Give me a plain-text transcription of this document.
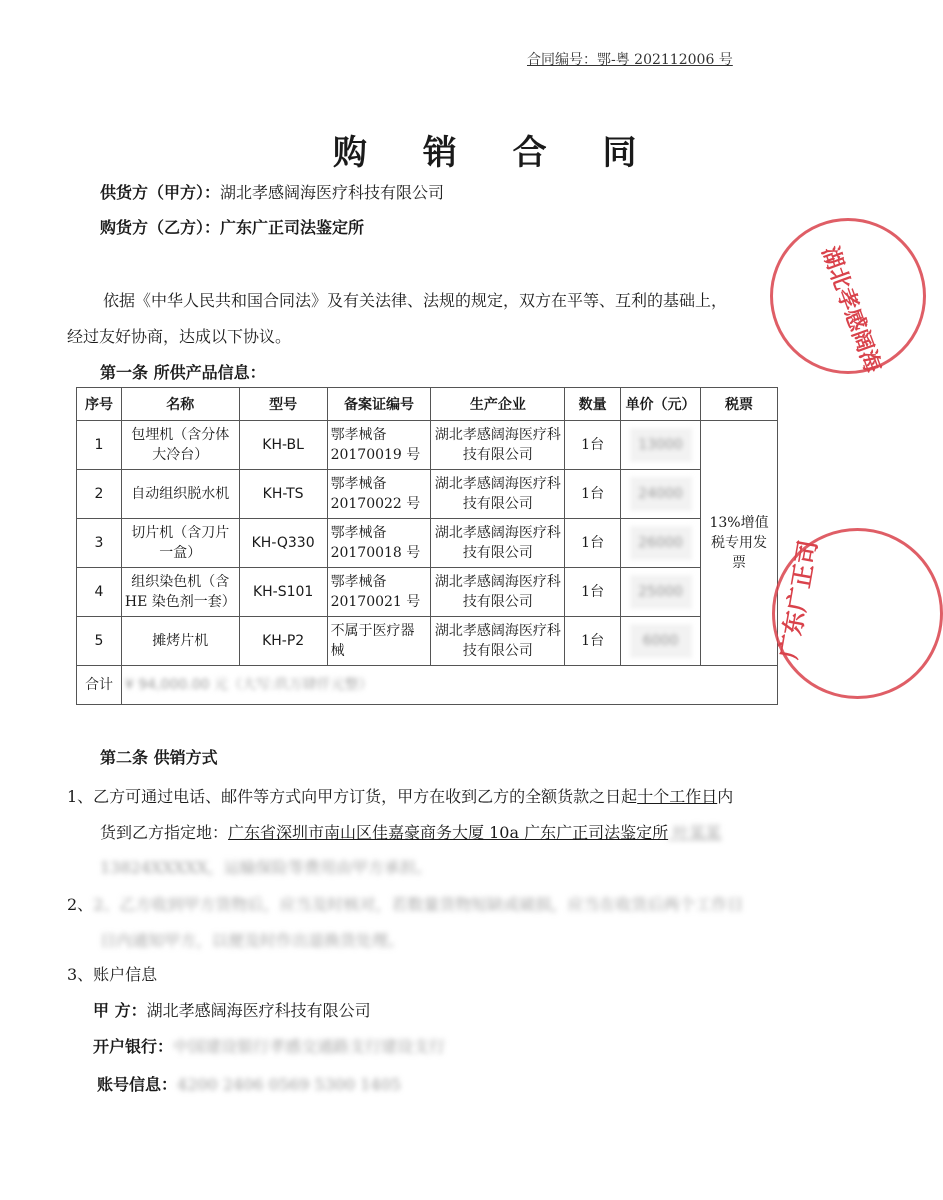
合同编号：鄂-粤 202112006 号
购 销 合 同
供货方（甲方）：湖北孝感阔海医疗科技有限公司
购货方（乙方）：广东广正司法鉴定所
依据《中华人民共和国合同法》及有关法律、法规的规定，双方在平等、互利的基础上，
经过友好协商，达成以下协议。
第一条 所供产品信息：
序号	名称	型号	备案证编号	生产企业	数量	单价（元）	税票
1	包埋机（含分体大冷台）	KH-BL	鄂孝械备20170019 号	湖北孝感阔海医疗科技有限公司	1台	13000	13%增值税专用发票
2	自动组织脱水机	KH-TS	鄂孝械备20170022 号	湖北孝感阔海医疗科技有限公司	1台	24000	
3	切片机（含刀片一盒）	KH-Q330	鄂孝械备20170018 号	湖北孝感阔海医疗科技有限公司	1台	26000	
4	组织染色机（含HE 染色剂一套）	KH-S101	鄂孝械备20170021 号	湖北孝感阔海医疗科技有限公司	1台	25000	
5	摊烤片机	KH-P2	不属于医疗器械	湖北孝感阔海医疗科技有限公司	1台	6000	
合计	¥ 94,000.00 元（大写:玖万肆仟元整）						
第二条 供销方式
1、乙方可通过电话、邮件等方式向甲方订货，甲方在收到乙方的全额货款之日起十个工作日内
货到乙方指定地：广东省深圳市南山区佳嘉豪商务大厦 10a 广东广正司法鉴定所 叶某某
13824XXXXX，运输保险等费用由甲方承担。
2、2、乙方收到甲方货物后，应当及时核对，若数量货物短缺或破损，应当在收货后两个工作日
日内通知甲方，以便及时作出退换货处理。
3、账户信息
甲 方：湖北孝感阔海医疗科技有限公司
开户银行：中国建设银行孝感交通路支行建设支行
账号信息：4200 2406 0569 5300 1405
湖北孝感阔海
广东广正司
